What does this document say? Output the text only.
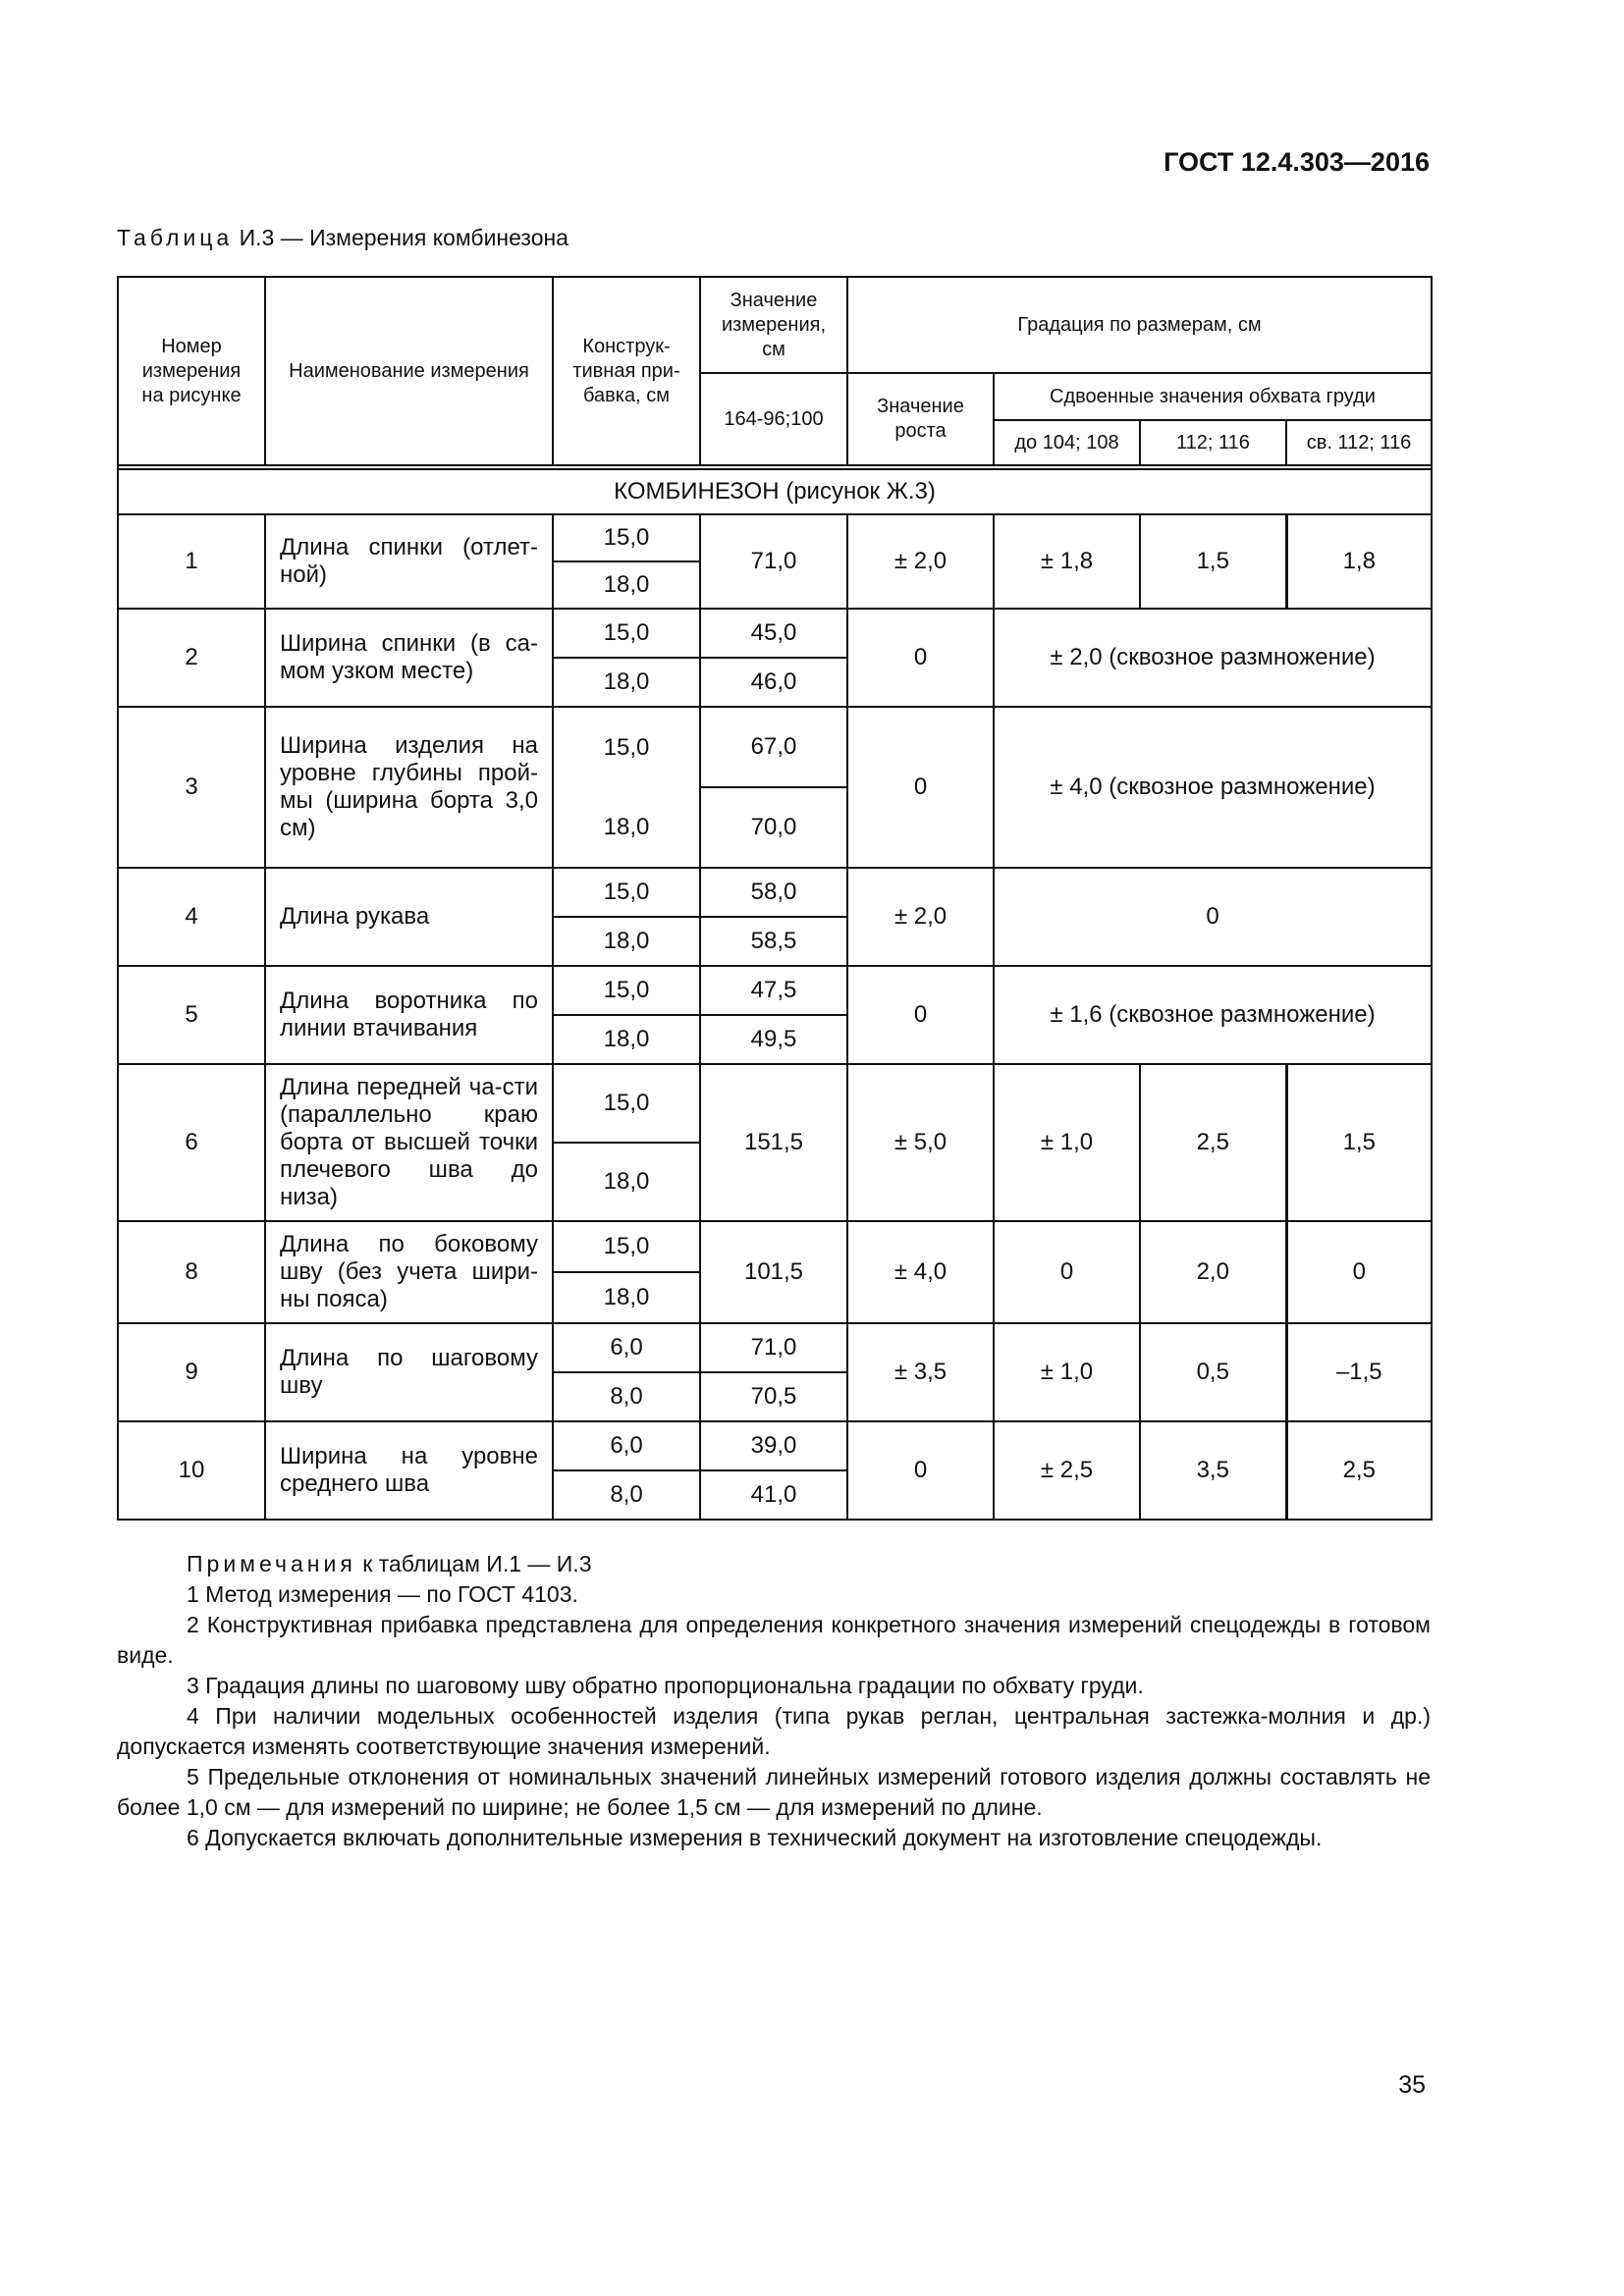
ГОСТ 12.4.303—2016
Таблица И.3 — Измерения комбинезона
Номер измерения на рисунке	Наименование измерения	Конструк-тивная при-бавка, см	Значение измерения, см	Градация по размерам, см			
			164-96;100	Значение роста	Сдвоенные значения обхвата груди		
					до 104; 108	112; 116	св. 112; 116

КОМБИНЕЗОН (рисунок Ж.3)							
1	Длина спинки (отлет-ной)	15,0	71,0	± 2,0	± 1,8	1,5	1,8
		18,0					
2	Ширина спинки (в са-мом узком месте)	15,0	45,0	0	± 2,0 (сквозное размножение)		
		18,0	46,0				
3	Ширина изделия на уровне глубины прой-мы (ширина борта 3,0 см)	15,0	67,0	0	± 4,0 (сквозное размножение)		
		18,0	70,0				
4	Длина рукава	15,0	58,0	± 2,0	0		
		18,0	58,5				
5	Длина воротника по линии втачивания	15,0	47,5	0	± 1,6 (сквозное размножение)		
		18,0	49,5				
6	Длина передней ча-сти (параллельно краю борта от высшей точки плечевого шва до низа)	15,0	151,5	± 5,0	± 1,0	2,5	1,5
		18,0					
8	Длина по боковому шву (без учета шири-ны пояса)	15,0	101,5	± 4,0	0	2,0	0
		18,0					
9	Длина по шаговому шву	6,0	71,0	± 3,5	± 1,0	0,5	–1,5
		8,0	70,5				
10	Ширина на уровне среднего шва	6,0	39,0	0	± 2,5	3,5	2,5
		8,0	41,0				

Примечания к таблицам И.1 — И.3

1 Метод измерения — по ГОСТ 4103.

2 Конструктивная прибавка представлена для определения конкретного значения измерений спецодежды в готовом виде.

3 Градация длины по шаговому шву обратно пропорциональна градации по обхвату груди.

4 При наличии модельных особенностей изделия (типа рукав реглан, центральная застежка-молния и др.) допускается изменять соответствующие значения измерений.

5 Предельные отклонения от номинальных значений линейных измерений готового изделия должны составлять не более 1,0 см — для измерений по ширине; не более 1,5 см — для измерений по длине.

6 Допускается включать дополнительные измерения в технический документ на изготовление спецодежды.

35
